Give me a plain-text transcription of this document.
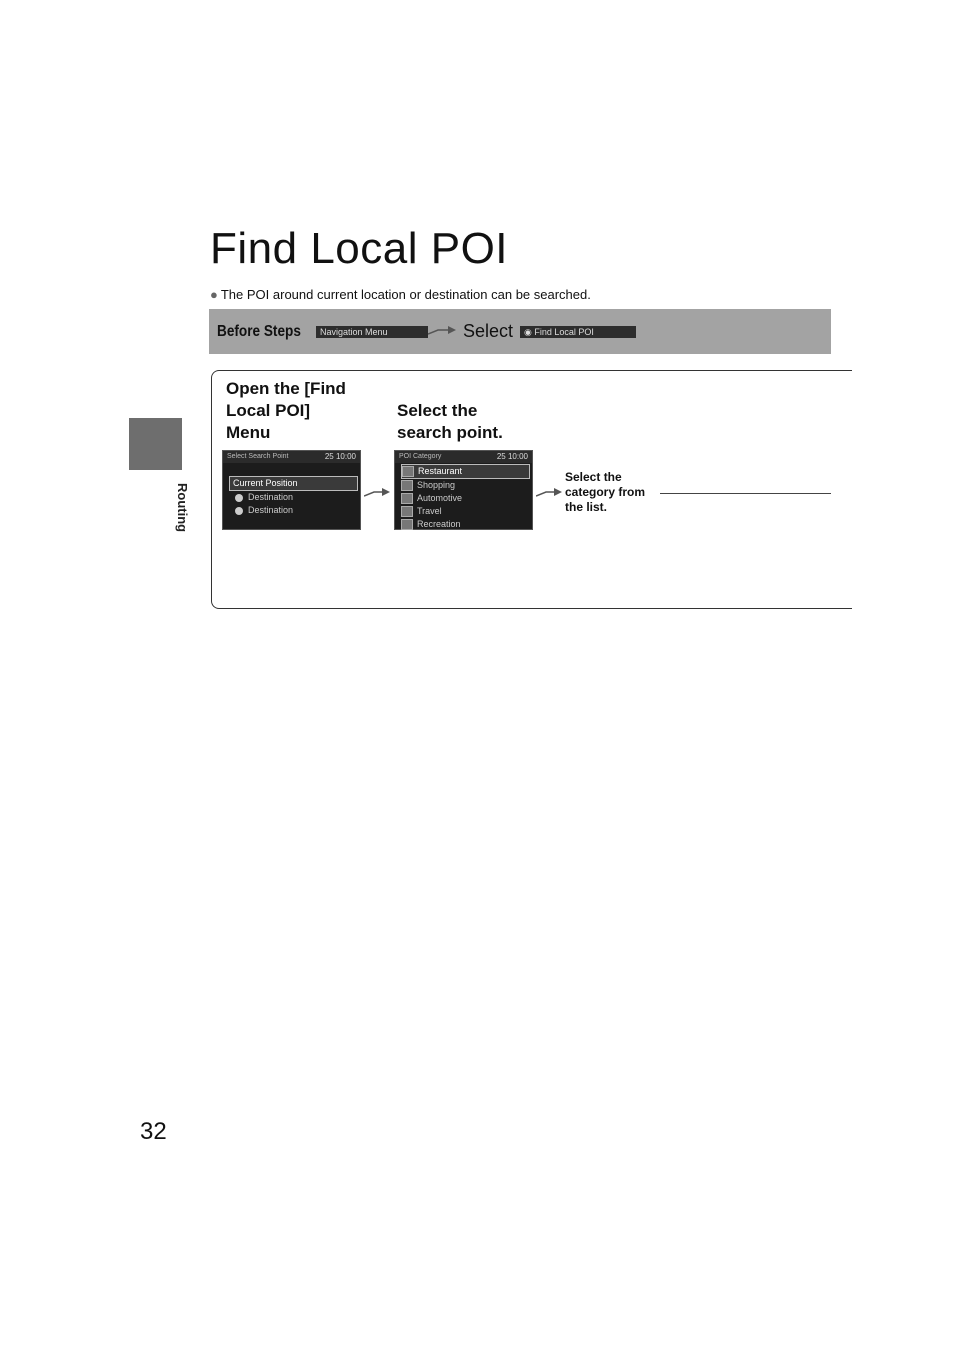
Routing
32
Find Local POI
● The POI around current location or destination can be searched.
Before Steps	Navigation Menu	Select	◉ Find Local POI
Open the [Find
Local POI]
Menu
Select the
search point.
Select Search Point	25 10:00
Current Position
Destination
Destination
POI Category	25 10:00
Restaurant
Shopping
Automotive
Travel
Recreation
Select the
category from
the list.
